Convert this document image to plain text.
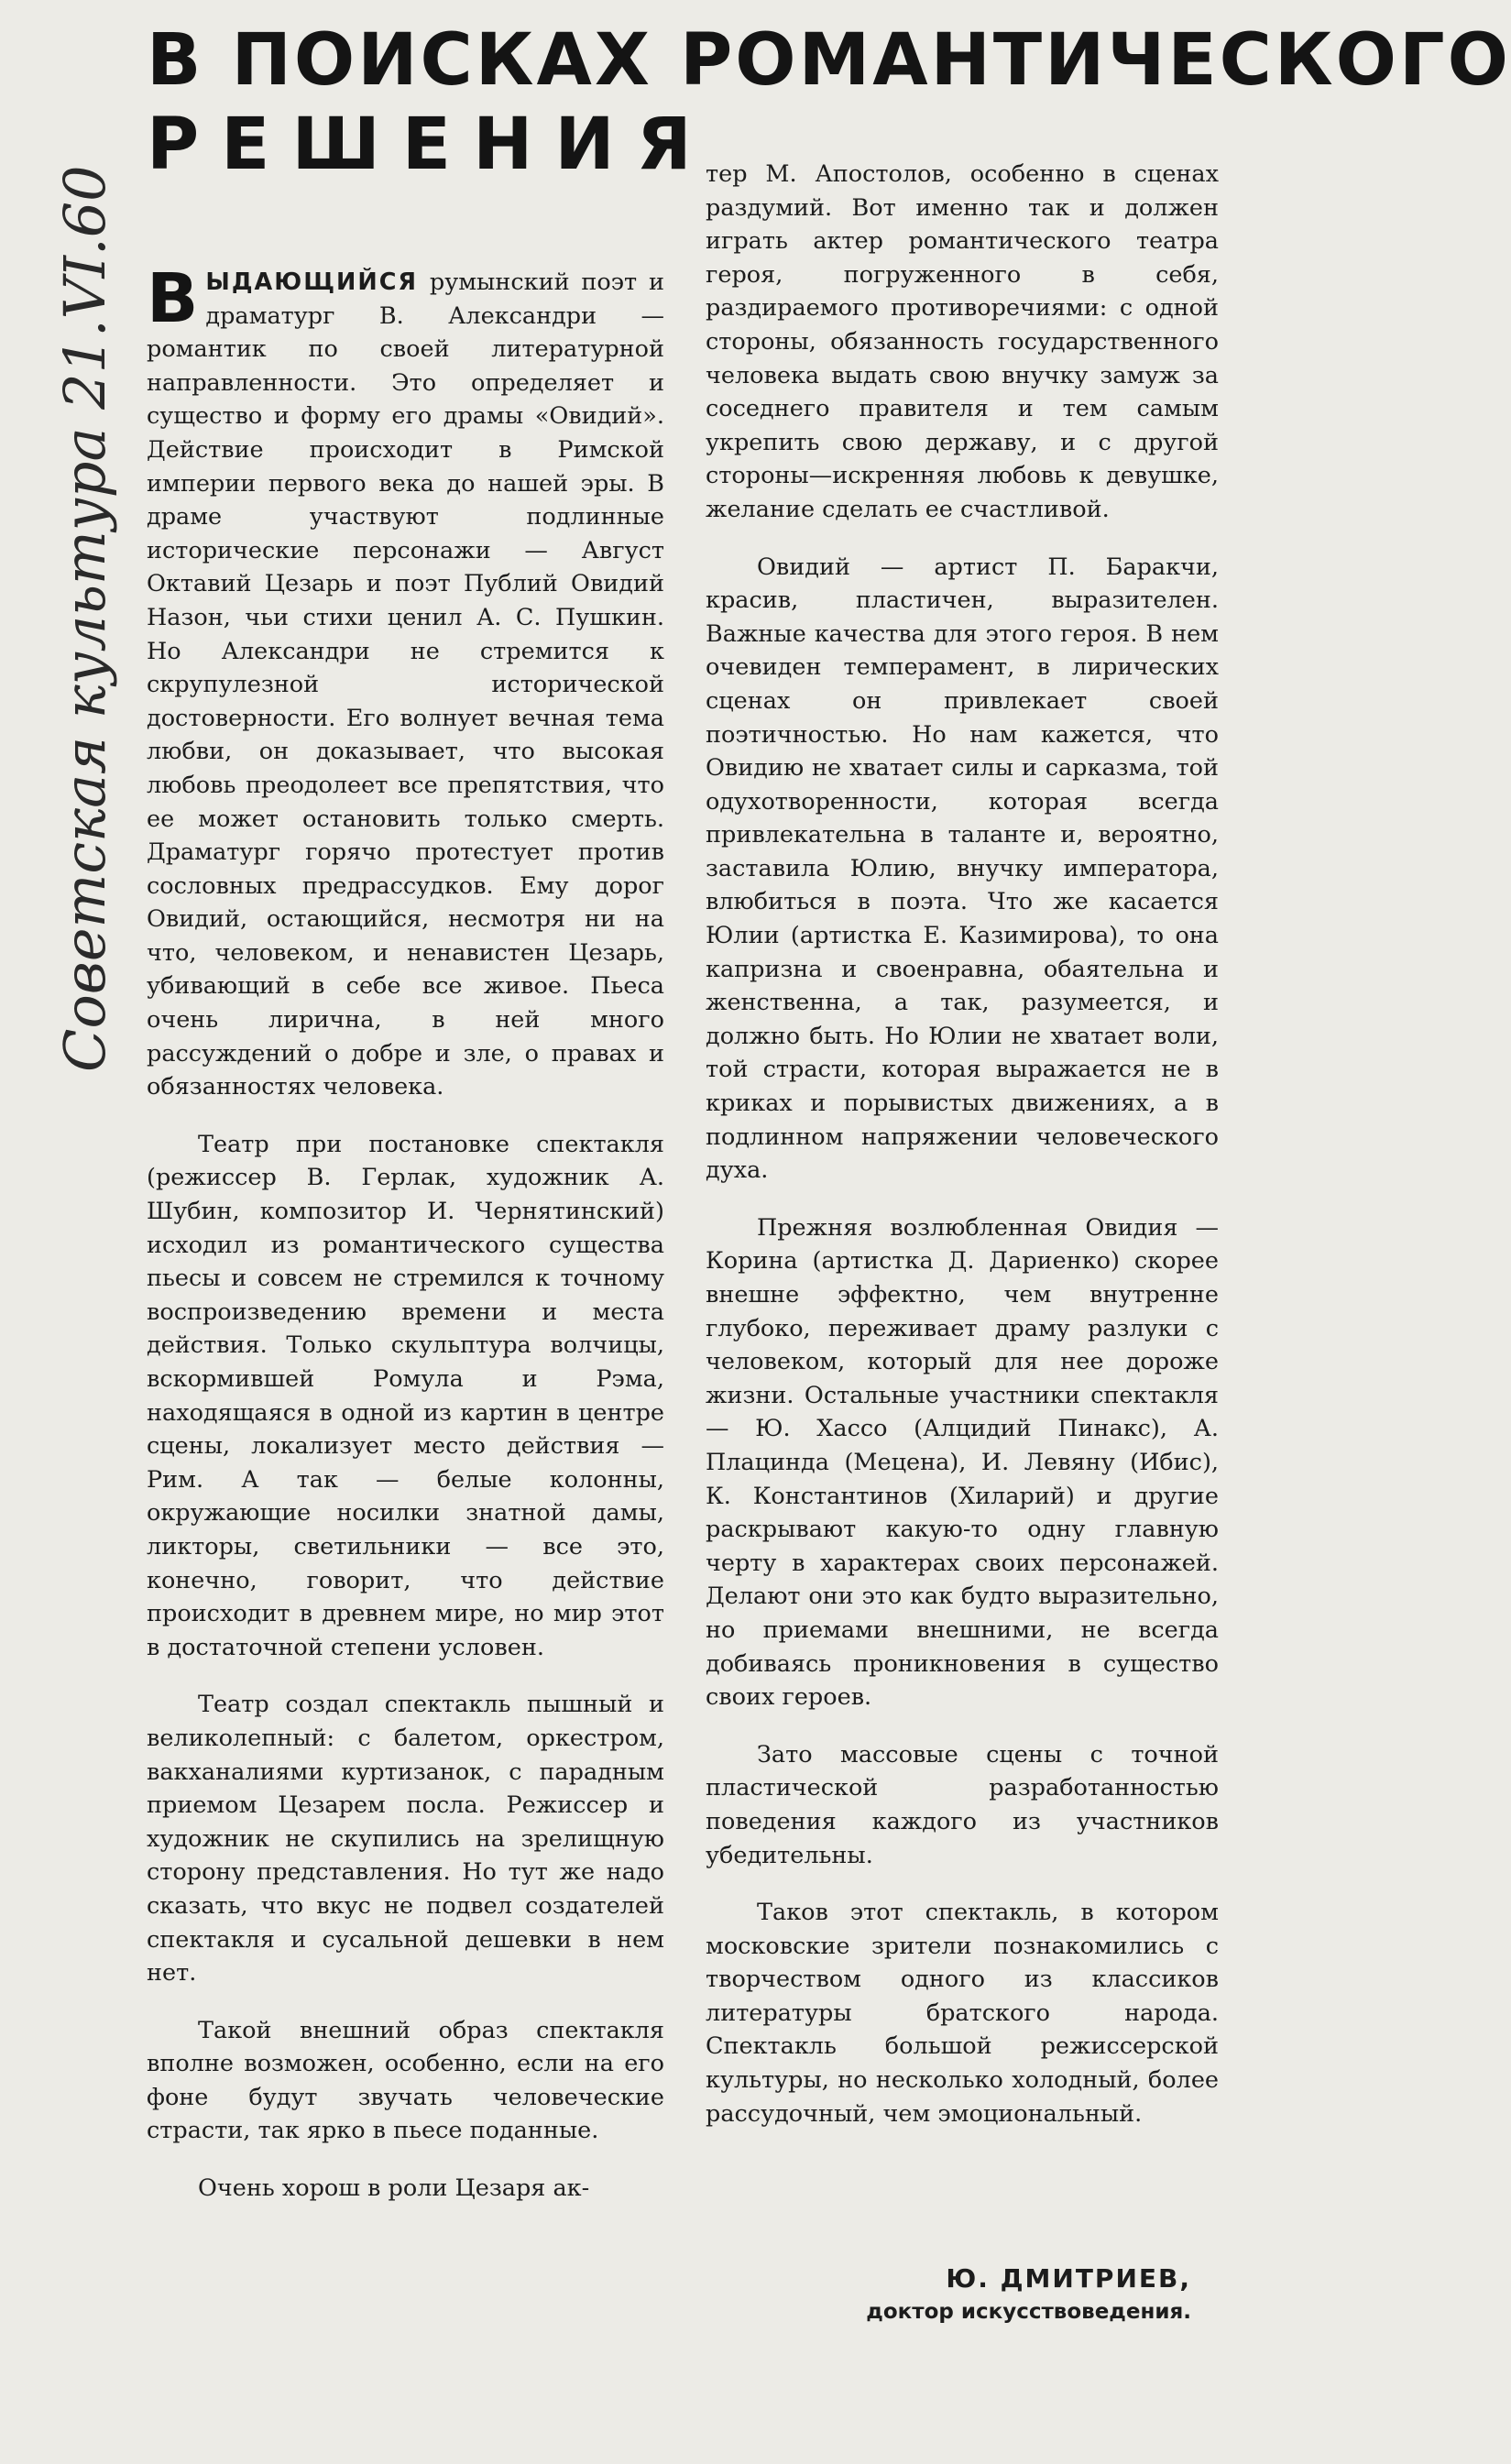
Советская культура 21.VI.60
В ПОИСКАХ РОМАНТИЧЕСКОГО
РЕШЕНИЯ

ВЫДАЮЩИЙСЯ румынский поэт и драматург В. Александри — романтик по своей литературной направленности. Это определяет и существо и форму его драмы «Овидий». Действие происходит в Римской империи первого века до нашей эры. В драме участвуют подлинные исторические персонажи — Август Октавий Цезарь и поэт Публий Овидий Назон, чьи стихи ценил А. С. Пушкин. Но Александри не стремится к скрупулезной исторической достоверности. Его волнует вечная тема любви, он доказывает, что высокая любовь преодолеет все препятствия, что ее может остановить только смерть. Драматург горячо протестует против сословных предрассудков. Ему дорог Овидий, остающийся, несмотря ни на что, человеком, и ненавистен Цезарь, убивающий в себе все живое. Пьеса очень лирична, в ней много рассуждений о добре и зле, о правах и обязанностях человека.

Театр при постановке спектакля (режиссер В. Герлак, художник А. Шубин, композитор И. Чернятинский) исходил из романтического существа пьесы и совсем не стремился к точному воспроизведению времени и места действия. Только скульптура волчицы, вскормившей Ромула и Рэма, находящаяся в одной из картин в центре сцены, локализует место действия — Рим. А так — белые колонны, окружающие носилки знатной дамы, ликторы, светильники — все это, конечно, говорит, что действие происходит в древнем мире, но мир этот в достаточной степени условен.

Театр создал спектакль пышный и великолепный: с балетом, оркестром, вакханалиями куртизанок, с парадным приемом Цезарем посла. Режиссер и художник не скупились на зрелищную сторону представления. Но тут же надо сказать, что вкус не подвел создателей спектакля и сусальной дешевки в нем нет.

Такой внешний образ спектакля вполне возможен, особенно, если на его фоне будут звучать человеческие страсти, так ярко в пьесе поданные.

Очень хорош в роли Цезаря ак-

тер М. Апостолов, особенно в сценах раздумий. Вот именно так и должен играть актер романтического театра героя, погруженного в себя, раздираемого противоречиями: с одной стороны, обязанность государственного человека выдать свою внучку замуж за соседнего правителя и тем самым укрепить свою державу, и с другой стороны—искренняя любовь к девушке, желание сделать ее счастливой.

Овидий — артист П. Баракчи, красив, пластичен, выразителен. Важные качества для этого героя. В нем очевиден темперамент, в лирических сценах он привлекает своей поэтичностью. Но нам кажется, что Овидию не хватает силы и сарказма, той одухотворенности, которая всегда привлекательна в таланте и, вероятно, заставила Юлию, внучку императора, влюбиться в поэта. Что же касается Юлии (артистка Е. Казимирова), то она капризна и своенравна, обаятельна и женственна, а так, разумеется, и должно быть. Но Юлии не хватает воли, той страсти, которая выражается не в криках и порывистых движениях, а в подлинном напряжении человеческого духа.

Прежняя возлюбленная Овидия — Корина (артистка Д. Дариенко) скорее внешне эффектно, чем внутренне глубоко, переживает драму разлуки с человеком, который для нее дороже жизни. Остальные участники спектакля — Ю. Хассо (Алцидий Пинакс), А. Плацинда (Меценa), И. Левяну (Ибис), К. Константинов (Хиларий) и другие раскрывают какую-то одну главную черту в характерах своих персонажей. Делают они это как будто выразительно, но приемами внешними, не всегда добиваясь проникновения в существо своих героев.

Зато массовые сцены с точной пластической разработанностью поведения каждого из участников убедительны.

Таков этот спектакль, в котором московские зрители познакомились с творчеством одного из классиков литературы братского народа. Спектакль большой режиссерской культуры, но несколько холодный, более рассудочный, чем эмоциональный.

Ю. ДМИТРИЕВ,
доктор искусствоведения.
